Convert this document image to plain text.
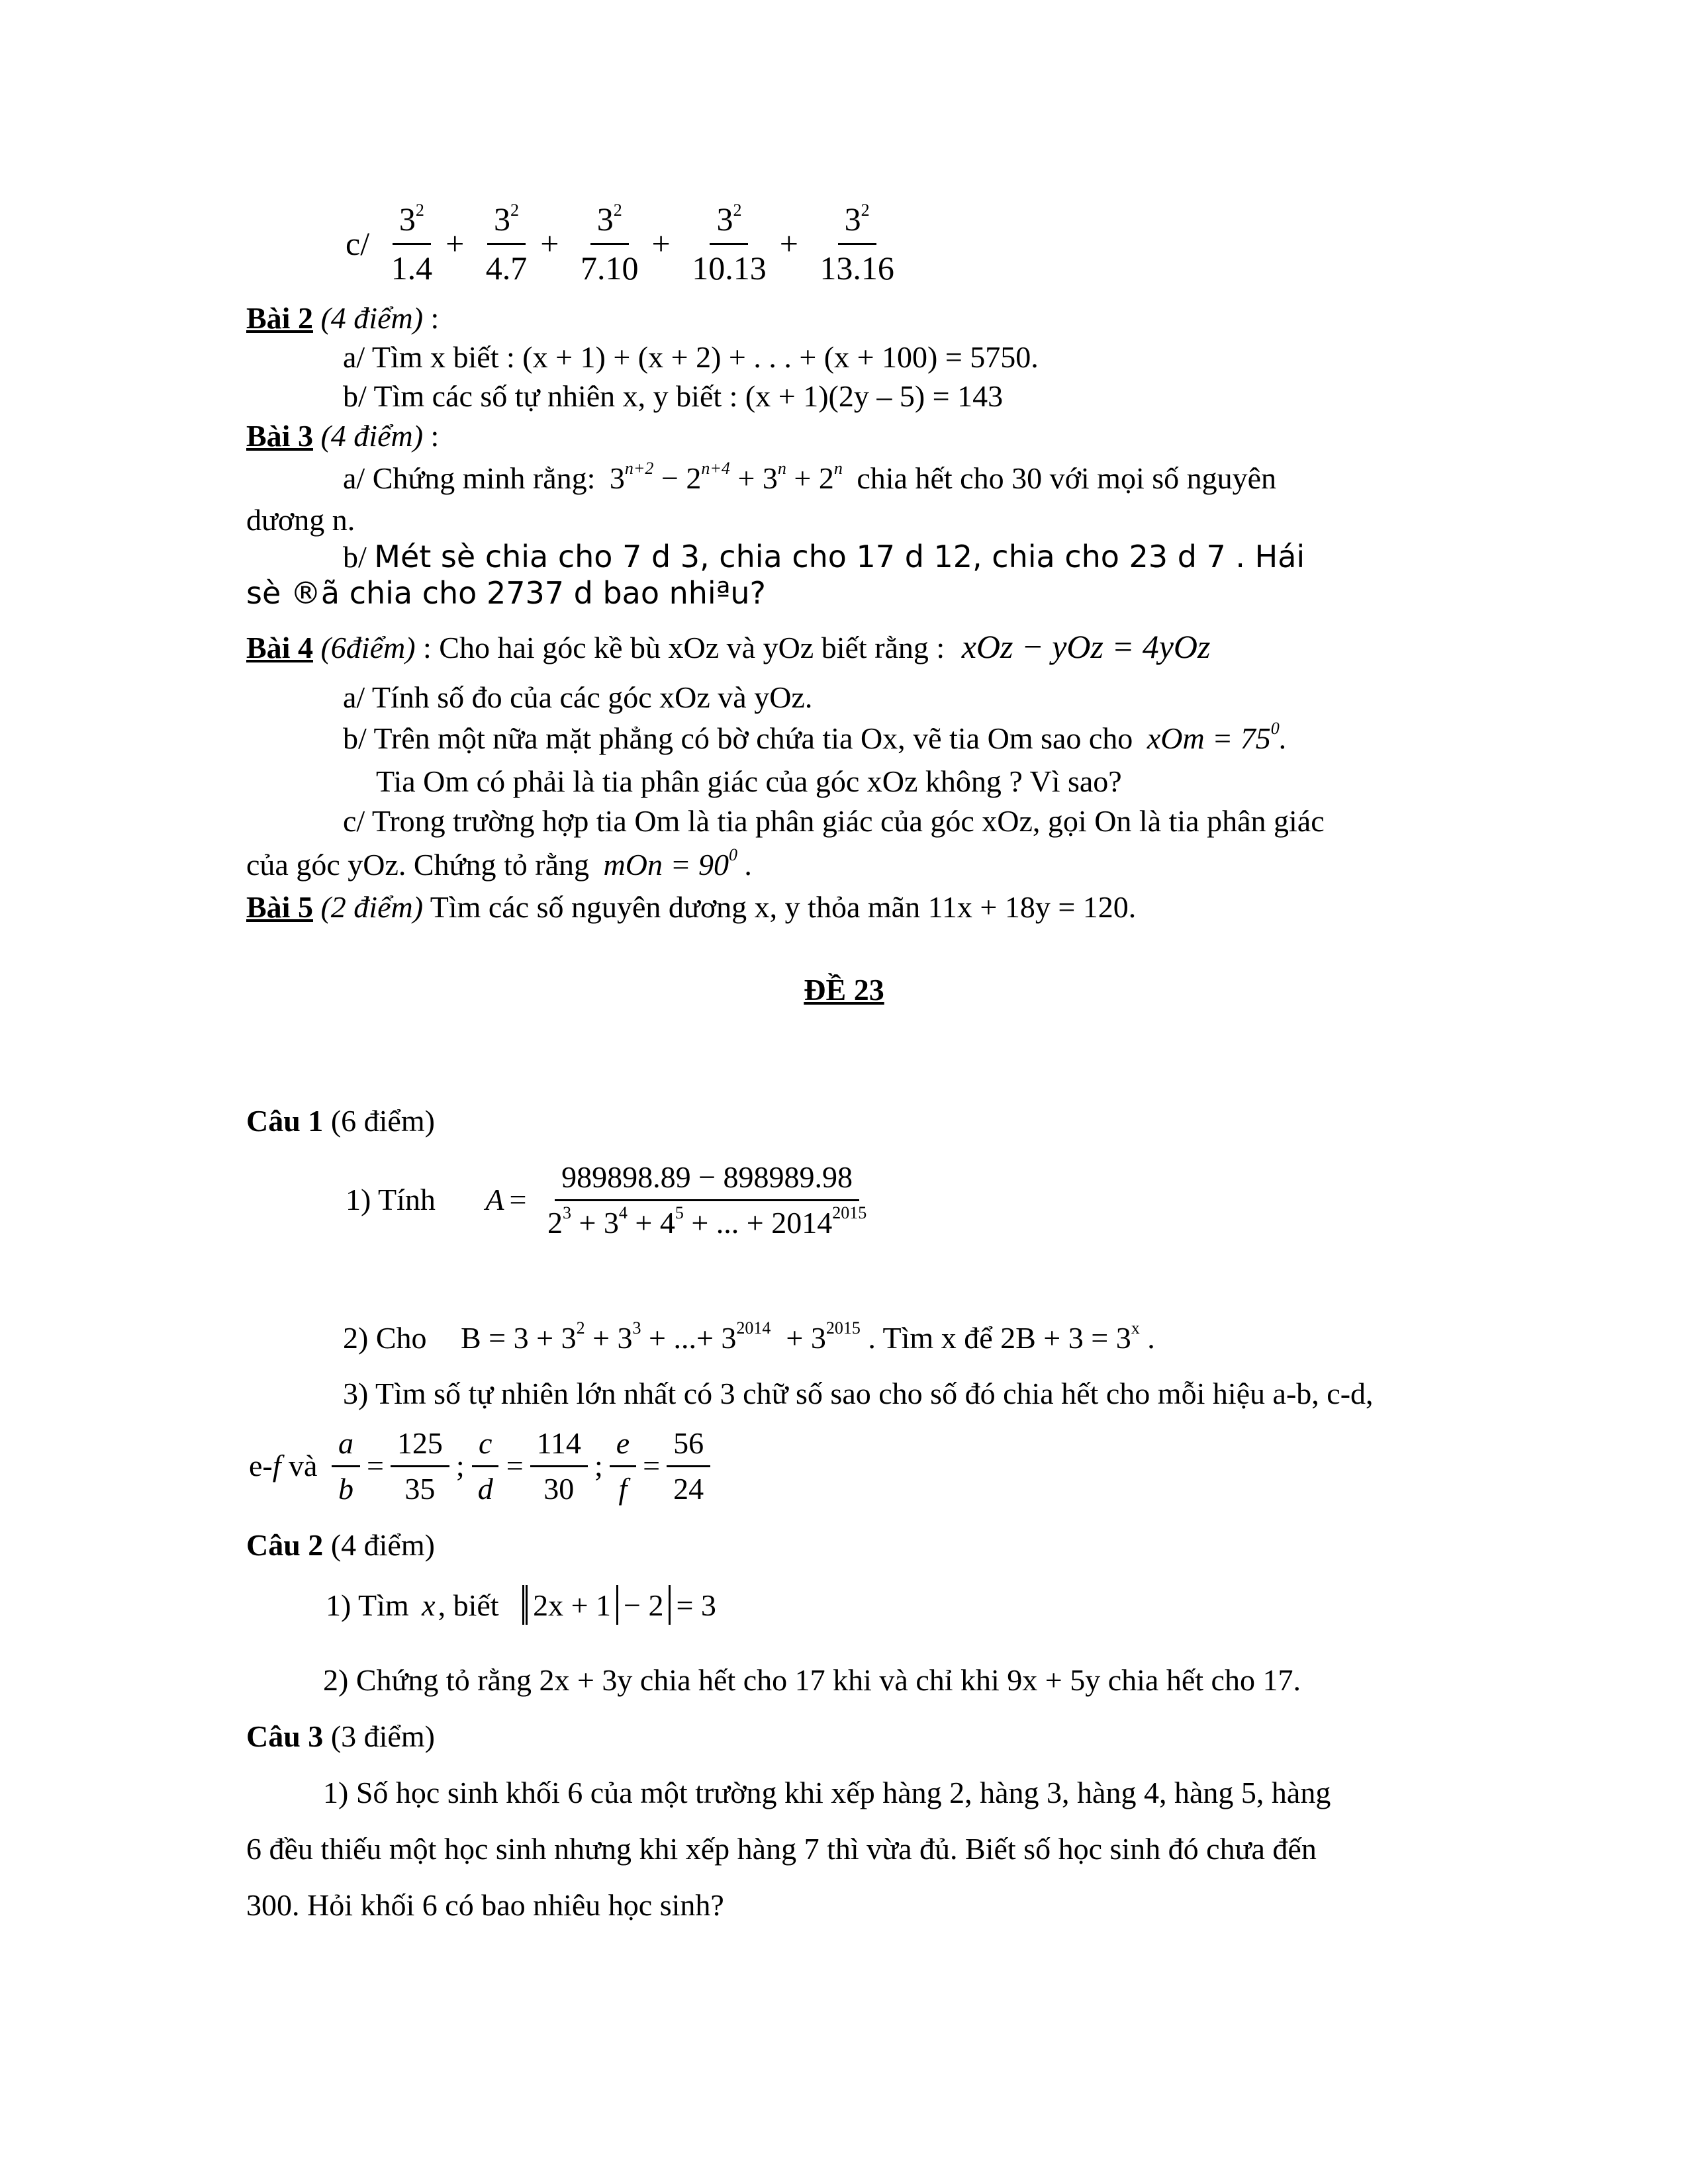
$c/ \frac{3^2}{1.4} + \frac{3^2}{4.7} + \frac{3^2}{7.10} + \frac{3^2}{10.13} + \frac{3^2}{13.16}$
Bài 2 (4 điểm) :
a/ Tìm x biết : (x + 1) + (x + 2) + . . . + (x + 100) = 5750.
b/ Tìm các số tự nhiên x, y biết : (x + 1)(2y – 5) = 143
Bài 3 (4 điểm) :
a/ Chứng minh rằng: $3^{n+2} - 2^{n+4} + 3^n + 2^n$ chia hết cho 30 với mọi số nguyên
dương n.
b/ Mét sè chia cho 7 d 3, chia cho 17 d 12, chia cho 23 d 7 . Hái
sè ®ã chia cho 2737 d bao nhiªu?
Bài 4 (6điểm) : Cho hai góc kề bù xOz và yOz biết rằng : xOz − yOz = 4yOz
a/ Tính số đo của các góc xOz và yOz.
b/ Trên một nữa mặt phẳng có bờ chứa tia Ox, vẽ tia Om sao cho xOm = $75^0$.
Tia Om có phải là tia phân giác của góc xOz không ? Vì sao?
c/ Trong trường hợp tia Om là tia phân giác của góc xOz, gọi On là tia phân giác
của góc yOz. Chứng tỏ rằng mOn = $90^0$ .
Bài 5 (2 điểm) Tìm các số nguyên dương x, y thỏa mãn 11x + 18y = 120.
ĐỀ 23
Câu 1 (6 điểm)
1) Tính $A = \frac{989898.89 - 898989.98}{2^3 + 3^4 + 4^5 + ... + 2014^{2015}}$
2) Cho $B = 3 + 3^2 + 3^3$ + ...+ $3^{2014} + 3^{2015}$ . Tìm x để $2B + 3 = 3^x$ .
3) Tìm số tự nhiên lớn nhất có 3 chữ số sao cho số đó chia hết cho mỗi hiệu a-b, c-d,
e-f và $\frac{a}{b} = \frac{125}{35}$ ; $\frac{c}{d} = \frac{114}{30}$ ; $\frac{e}{f} = \frac{56}{24}$
Câu 2 (4 điểm)
1) Tìm x, biết 2x + 1− 2= 3
2) Chứng tỏ rằng 2x + 3y chia hết cho 17 khi và chỉ khi 9x + 5y chia hết cho 17.
Câu 3 (3 điểm)
1) Số học sinh khối 6 của một trường khi xếp hàng 2, hàng 3, hàng 4, hàng 5, hàng
6 đều thiếu một học sinh nhưng khi xếp hàng 7 thì vừa đủ. Biết số học sinh đó chưa đến
300. Hỏi khối 6 có bao nhiêu học sinh?
